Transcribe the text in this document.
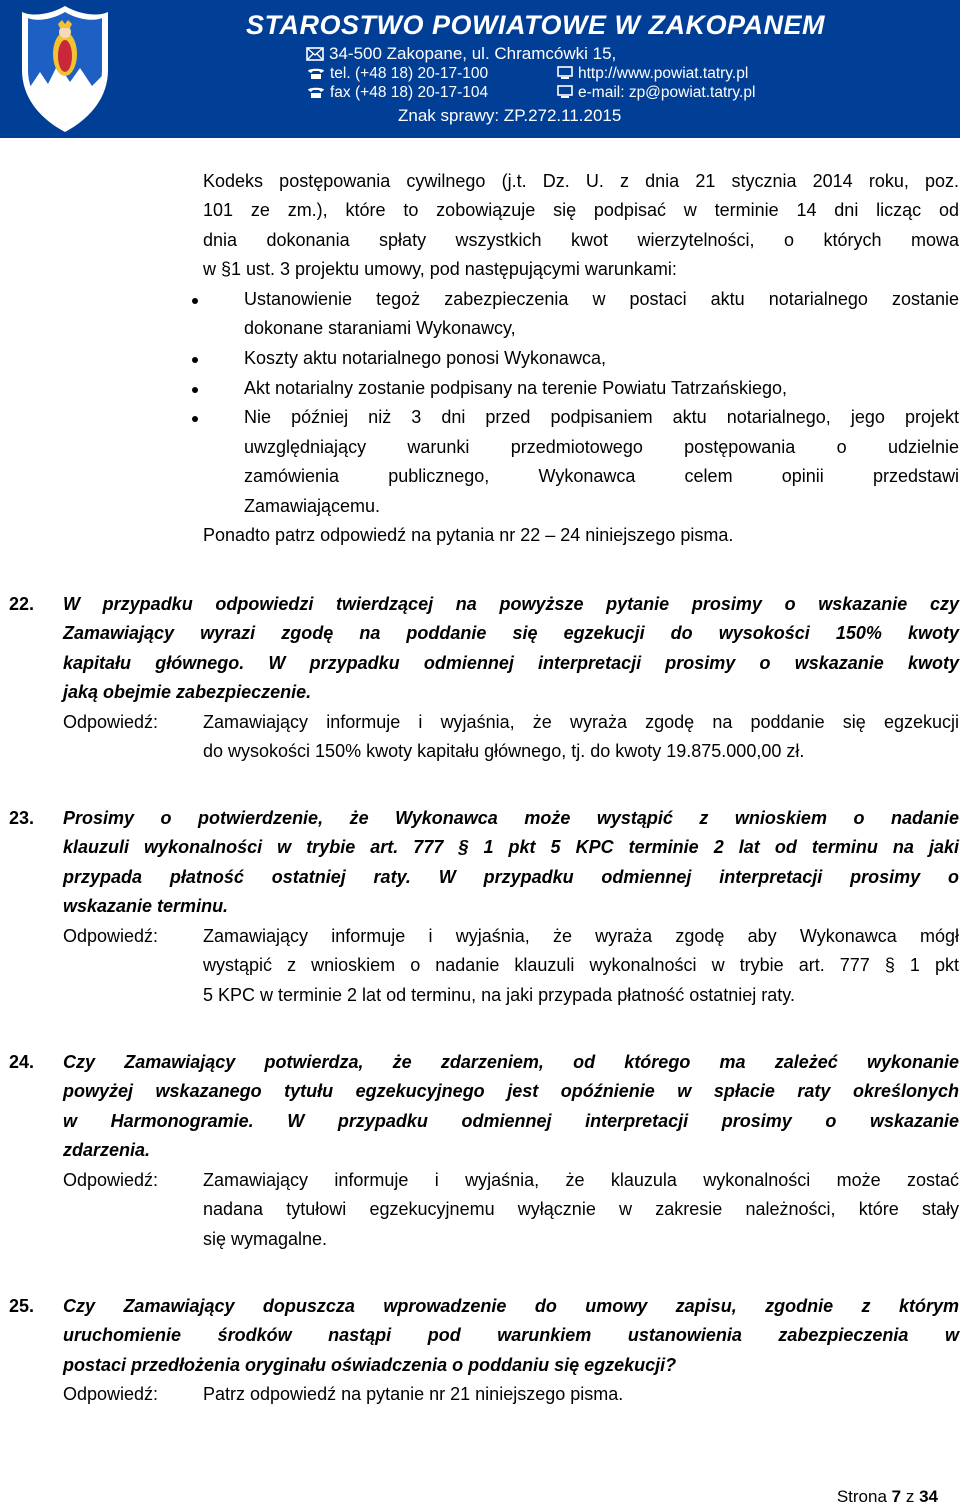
STAROSTWO POWIATOWE W ZAKOPANEM
34-500 Zakopane, ul. Chramcówki 15,
tel. (+48 18) 20-17-100
fax (+48 18) 20-17-104
http://www.powiat.tatry.pl
e-mail: zp@powiat.tatry.pl
Znak sprawy: ZP.272.11.2015
Kodeks postępowania cywilnego (j.t. Dz. U. z dnia 21 stycznia 2014 roku, poz.
101 ze zm.), które to zobowiązuje się podpisać w terminie 14 dni licząc od
dnia dokonania spłaty wszystkich kwot wierzytelności, o których mowa
w §1 ust. 3 projektu umowy, pod następującymi warunkami:
Ustanowienie tegoż zabezpieczenia w postaci aktu notarialnego zostanie
dokonane staraniami Wykonawcy,
Koszty aktu notarialnego ponosi Wykonawca,
Akt notarialny zostanie podpisany na terenie Powiatu Tatrzańskiego,
Nie później niż 3 dni przed podpisaniem aktu notarialnego, jego projekt
uwzględniający warunki przedmiotowego postępowania o udzielnie
zamówienia publicznego, Wykonawca celem opinii przedstawi
Zamawiającemu.
Ponadto patrz odpowiedź na pytania nr 22 – 24 niniejszego pisma.
22. W przypadku odpowiedzi twierdzącej na powyższe pytanie prosimy o wskazanie czy
Zamawiający wyrazi zgodę na poddanie się egzekucji do wysokości 150% kwoty
kapitału głównego. W przypadku odmiennej interpretacji prosimy o wskazanie kwoty
jaką obejmie zabezpieczenie.
Odpowiedź: Zamawiający informuje i wyjaśnia, że wyraża zgodę na poddanie się egzekucji
do wysokości 150% kwoty kapitału głównego, tj. do kwoty 19.875.000,00 zł.
23. Prosimy o potwierdzenie, że Wykonawca może wystąpić z wnioskiem o nadanie
klauzuli wykonalności w trybie art. 777 § 1 pkt 5 KPC terminie 2 lat od terminu na jaki
przypada płatność ostatniej raty. W przypadku odmiennej interpretacji prosimy o
wskazanie terminu.
Odpowiedź: Zamawiający informuje i wyjaśnia, że wyraża zgodę aby Wykonawca mógł
wystąpić z wnioskiem o nadanie klauzuli wykonalności w trybie art. 777 § 1 pkt
5 KPC w terminie 2 lat od terminu, na jaki przypada płatność ostatniej raty.
24. Czy Zamawiający potwierdza, że zdarzeniem, od którego ma zależeć wykonanie
powyżej wskazanego tytułu egzekucyjnego jest opóźnienie w spłacie raty określonych
w Harmonogramie. W przypadku odmiennej interpretacji prosimy o wskazanie
zdarzenia.
Odpowiedź: Zamawiający informuje i wyjaśnia, że klauzula wykonalności może zostać
nadana tytułowi egzekucyjnemu wyłącznie w zakresie należności, które stały
się wymagalne.
25. Czy Zamawiający dopuszcza wprowadzenie do umowy zapisu, zgodnie z którym
uruchomienie środków nastąpi pod warunkiem ustanowienia zabezpieczenia w
postaci przedłożenia oryginału oświadczenia o poddaniu się egzekucji?
Odpowiedź: Patrz odpowiedź na pytanie nr 21 niniejszego pisma.
Strona 7 z 34
